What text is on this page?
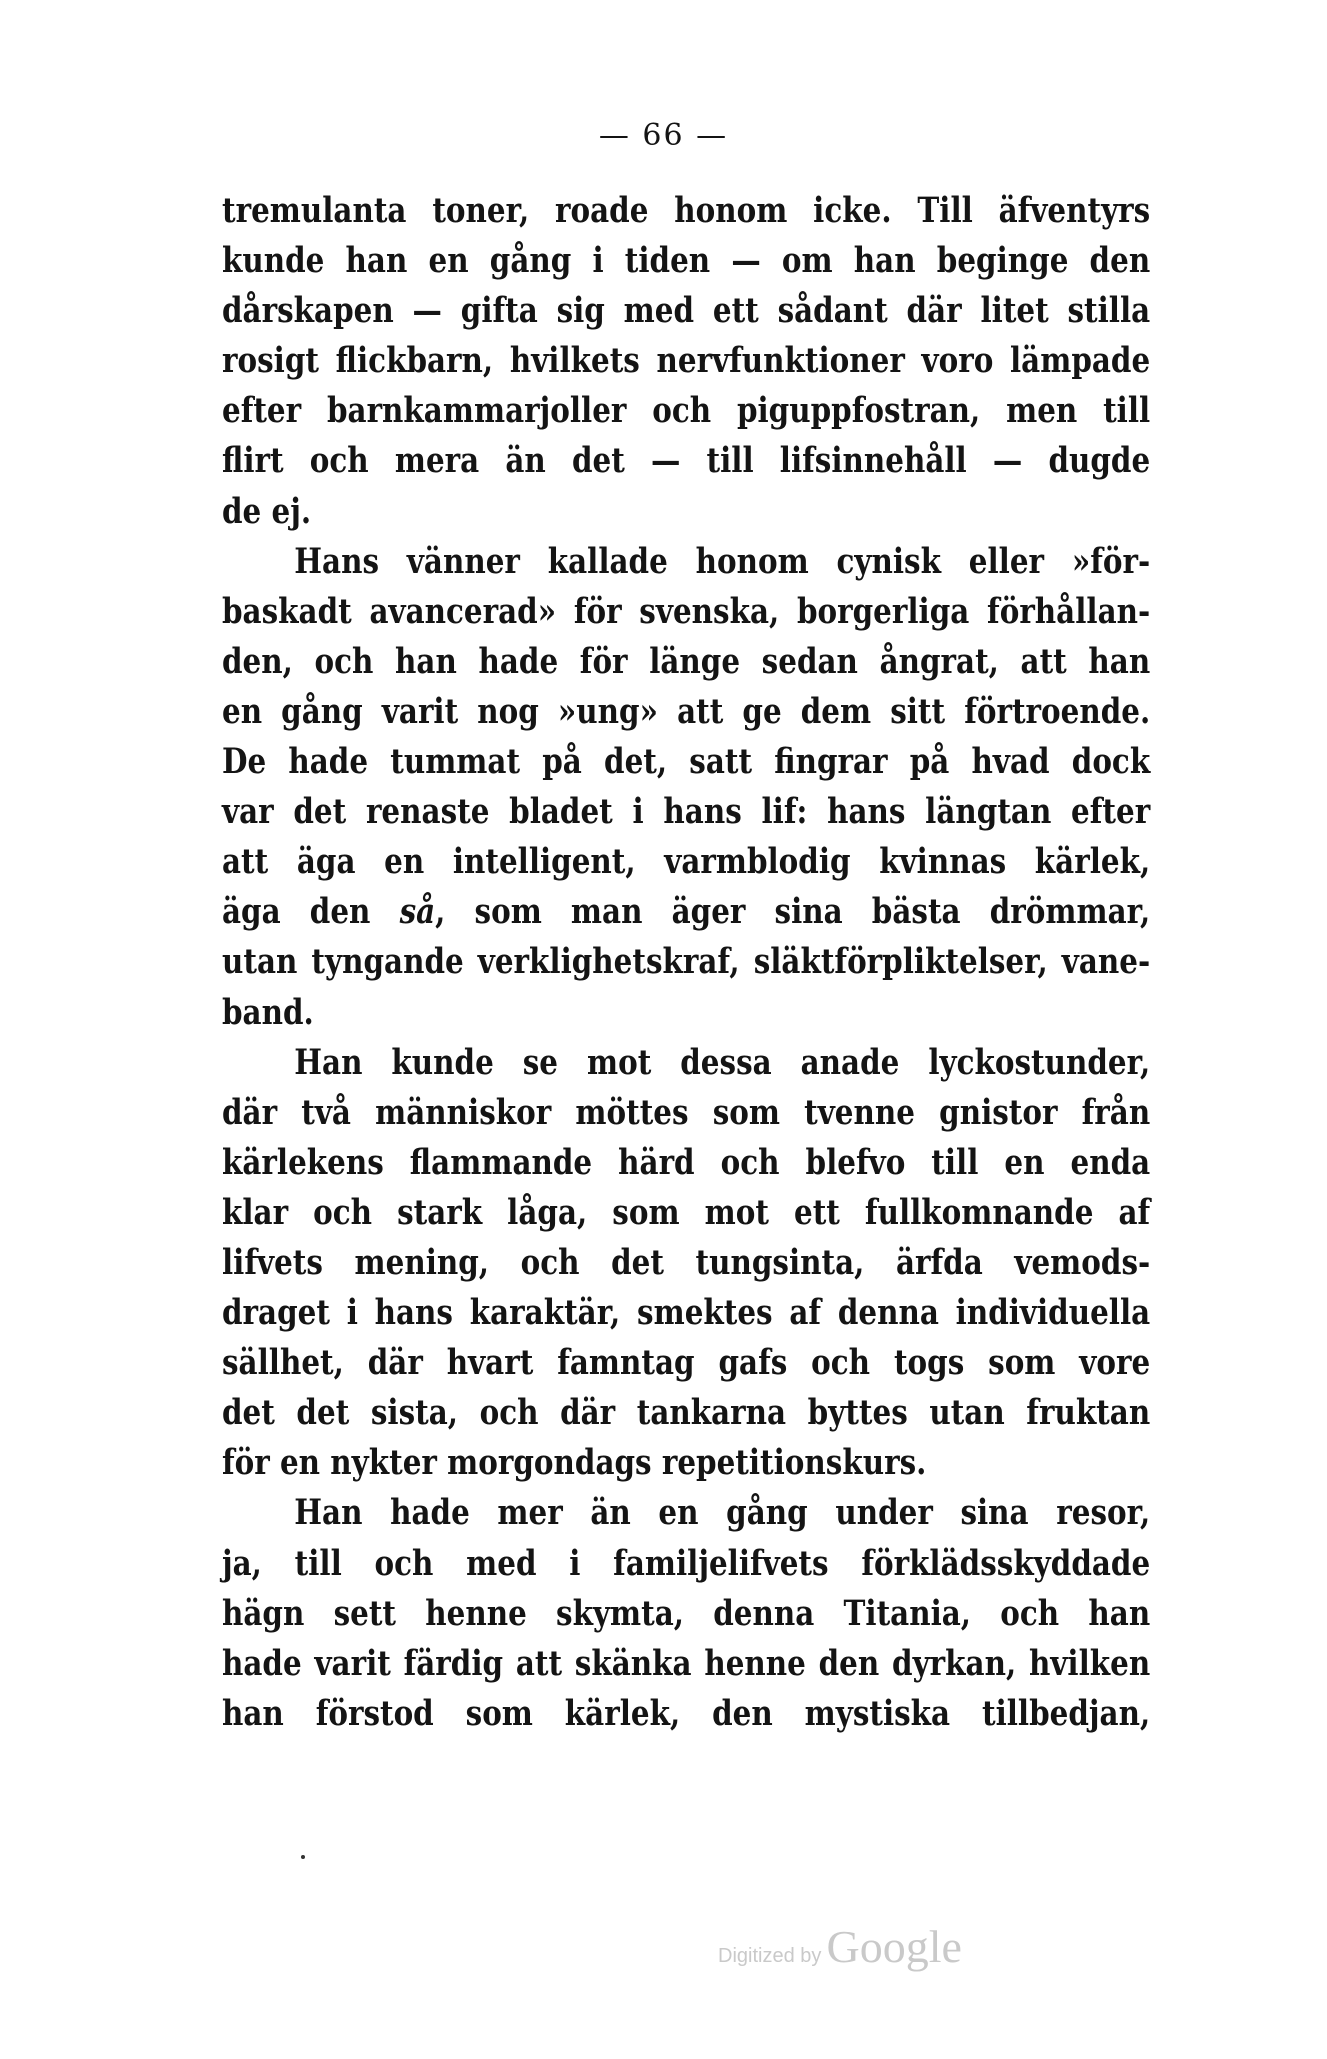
— 66 —
tremulanta toner, roade honom icke. Till äfventyrs
kunde han en gång i tiden — om han beginge den
dårskapen — gifta sig med ett sådant där litet stilla
rosigt flickbarn, hvilkets nervfunktioner voro lämpade
efter barnkammarjoller och piguppfostran, men till
flirt och mera än det — till lifsinnehåll — dugde
de ej.
Hans vänner kallade honom cynisk eller »för-
baskadt avancerad» för svenska, borgerliga förhållan-
den, och han hade för länge sedan ångrat, att han
en gång varit nog »ung» att ge dem sitt förtroende.
De hade tummat på det, satt fingrar på hvad dock
var det renaste bladet i hans lif: hans längtan efter
att äga en intelligent, varmblodig kvinnas kärlek,
äga den så, som man äger sina bästa drömmar,
utan tyngande verklighetskraf, släktförpliktelser, vane-
band.
Han kunde se mot dessa anade lyckostunder,
där två människor möttes som tvenne gnistor från
kärlekens flammande härd och blefvo till en enda
klar och stark låga, som mot ett fullkomnande af
lifvets mening, och det tungsinta, ärfda vemods-
draget i hans karaktär, smektes af denna individuella
sällhet, där hvart famntag gafs och togs som vore
det det sista, och där tankarna byttes utan fruktan
för en nykter morgondags repetitionskurs.
Han hade mer än en gång under sina resor,
ja, till och med i familjelifvets förklädsskyddade
hägn sett henne skymta, denna Titania, och han
hade varit färdig att skänka henne den dyrkan, hvilken
han förstod som kärlek, den mystiska tillbedjan,
Digitized by Google
